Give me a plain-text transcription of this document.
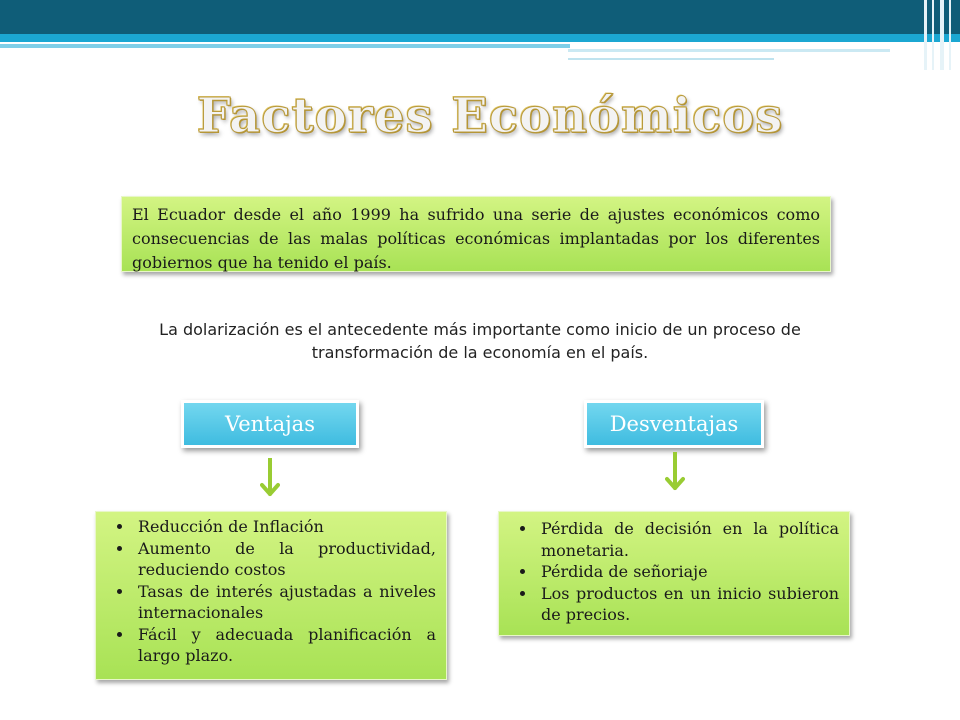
Factores Económicos
El Ecuador desde el año 1999 ha sufrido una serie de ajustes económicos como consecuencias de las malas políticas económicas implantadas por los diferentes gobiernos que ha tenido el país.
La dolarización es el antecedente más importante como inicio de un proceso de transformación de la economía en el país.
Ventajas	Desventajas
• Reducción de Inflación
• Aumento de la productividad, reduciendo costos
• Tasas de interés ajustadas a niveles internacionales
• Fácil y adecuada planificación a largo plazo.
• Pérdida de decisión en la política monetaria.
• Pérdida de señoriaje
• Los productos en un inicio subieron de precios.
